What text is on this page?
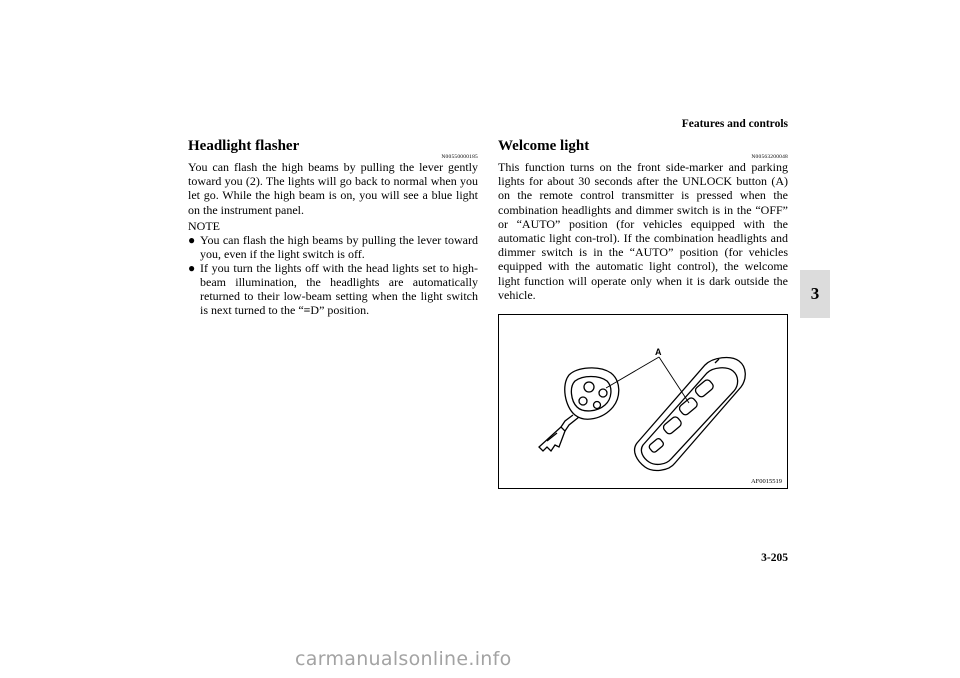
Features and controls
3
Headlight flasher
N00550000185

You can flash the high beams by pulling the lever gently toward you (2). The lights will go back to normal when you let go. While the high beam is on, you will see a blue light on the instrument panel.

NOTE
● You can flash the high beams by pulling the lever toward you, even if the light switch is off.
● If you turn the lights off with the head lights set to high-beam illumination, the headlights are automatically returned to their low-beam setting when the light switch is next turned to the “≡D” position.
Welcome light
N00563200048

This function turns on the front side-marker and parking lights for about 30 seconds after the UNLOCK button (A) on the remote control transmitter is pressed when the combination headlights and dimmer switch is in the “OFF” or “AUTO” position (for vehicles equipped with the automatic light con-trol). If the combination headlights and dimmer switch is in the “AUTO” position (for vehicles equipped with the automatic light control), the welcome light function will operate only when it is dark outside the vehicle.

A
AF0015519
3-205
carmanualsonline.info
